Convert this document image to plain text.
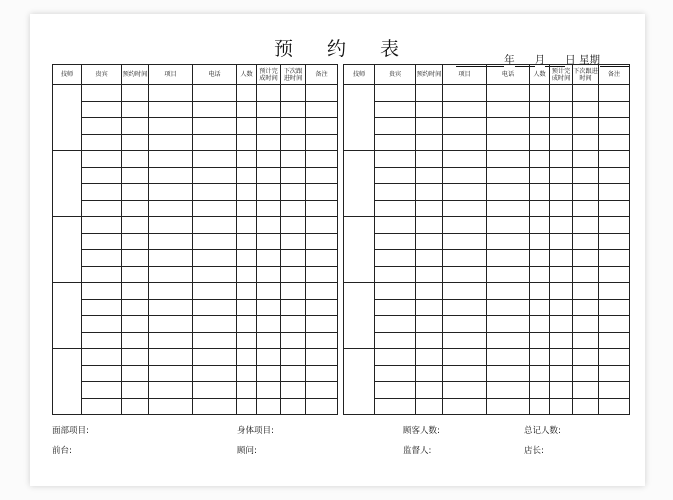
预 约 表	年 月 日 星期
技师	贵宾	预约时间	项目	电话	人数	预计完成时间	下次跟进时间	备注

								技师	贵宾	预约时间	项目	电话	人数	预计完成时间	下次跟进时间	备注

面部项目:	身体项目:	顾客人数:	总记人数:
前台:	顾问:	监督人:	店长:
